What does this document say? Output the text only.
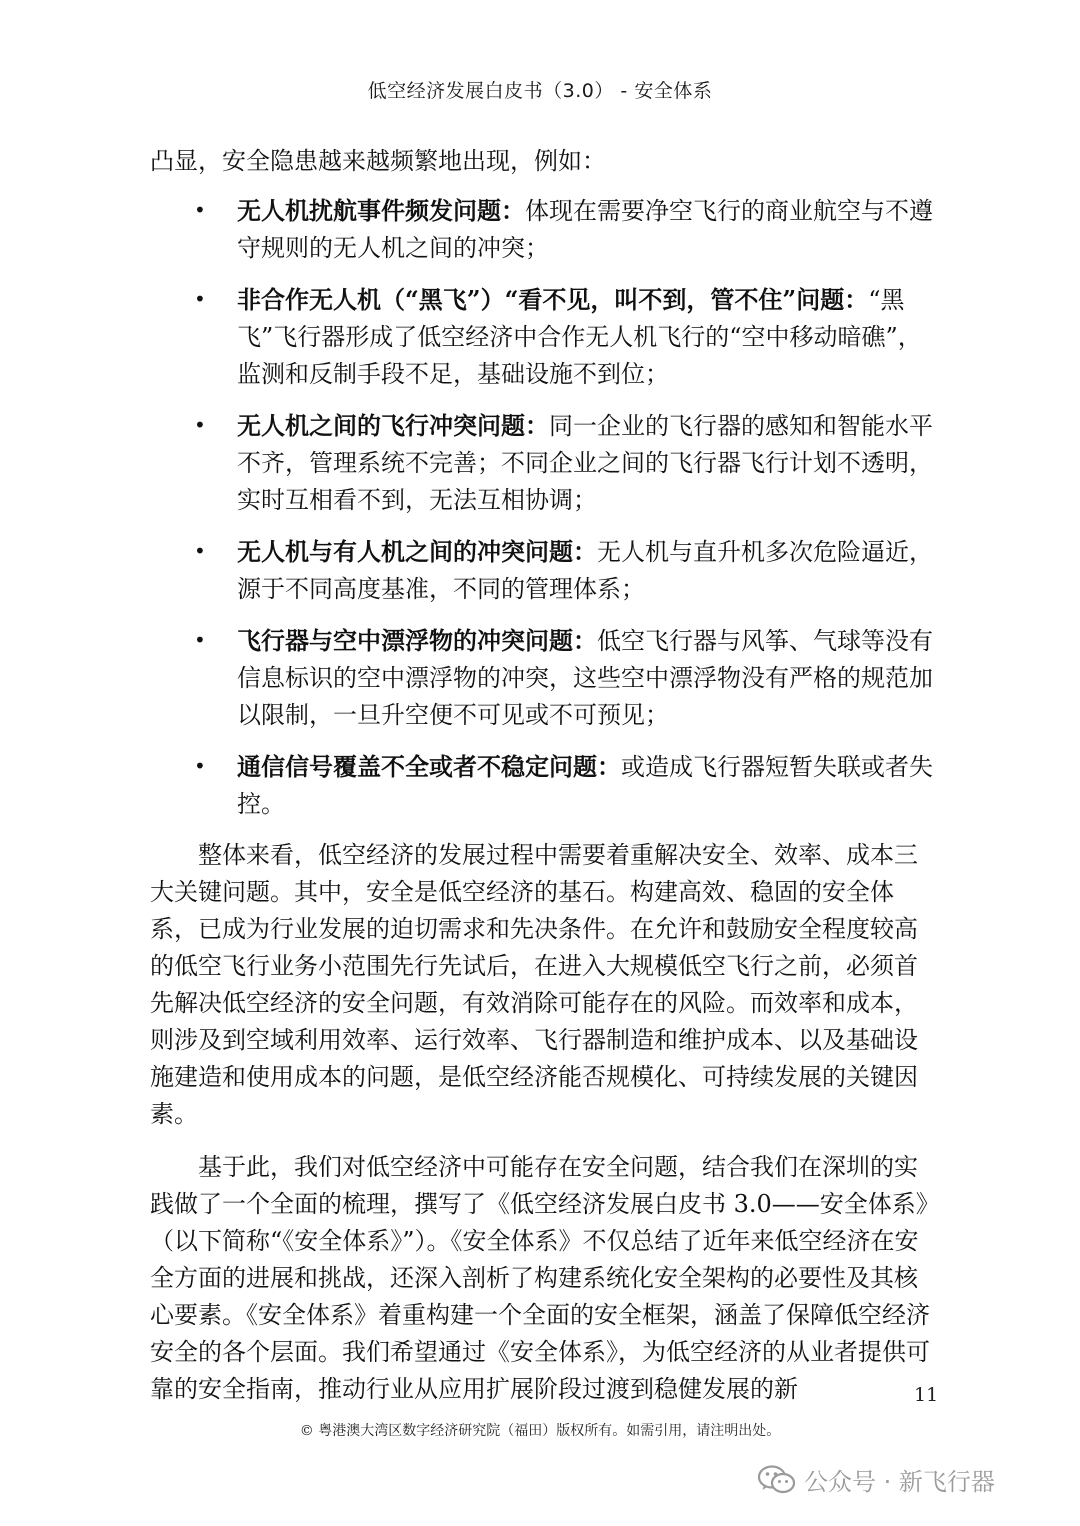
低空经济发展白皮书（3.0） - 安全体系

凸显，安全隐患越来越频繁地出现，例如：

• 无人机扰航事件频发问题：体现在需要净空飞行的商业航空与不遵守规则的无人机之间的冲突；
• 非合作无人机（“黑飞”）“看不见，叫不到，管不住”问题：“黑飞”飞行器形成了低空经济中合作无人机飞行的“空中移动暗礁”，监测和反制手段不足，基础设施不到位；
• 无人机之间的飞行冲突问题：同一企业的飞行器的感知和智能水平不齐，管理系统不完善；不同企业之间的飞行器飞行计划不透明，实时互相看不到，无法互相协调；
• 无人机与有人机之间的冲突问题：无人机与直升机多次危险逼近，源于不同高度基准，不同的管理体系；
• 飞行器与空中漂浮物的冲突问题：低空飞行器与风筝、气球等没有信息标识的空中漂浮物的冲突，这些空中漂浮物没有严格的规范加以限制，一旦升空便不可见或不可预见；
• 通信信号覆盖不全或者不稳定问题：或造成飞行器短暂失联或者失控。

整体来看，低空经济的发展过程中需要着重解决安全、效率、成本三大关键问题。其中，安全是低空经济的基石。构建高效、稳固的安全体系，已成为行业发展的迫切需求和先决条件。在允许和鼓励安全程度较高的低空飞行业务小范围先行先试后，在进入大规模低空飞行之前，必须首先解决低空经济的安全问题，有效消除可能存在的风险。而效率和成本，则涉及到空域利用效率、运行效率、飞行器制造和维护成本、以及基础设施建造和使用成本的问题，是低空经济能否规模化、可持续发展的关键因素。

基于此，我们对低空经济中可能存在安全问题，结合我们在深圳的实践做了一个全面的梳理，撰写了《低空经济发展白皮书 3.0——安全体系》（以下简称“《安全体系》”）。《安全体系》不仅总结了近年来低空经济在安全方面的进展和挑战，还深入剖析了构建系统化安全架构的必要性及其核心要素。《安全体系》着重构建一个全面的安全框架，涵盖了保障低空经济安全的各个层面。我们希望通过《安全体系》，为低空经济的从业者提供可靠的安全指南，推动行业从应用扩展阶段过渡到稳健发展的新	11
© 粤港澳大湾区数字经济研究院（福田）版权所有。如需引用，请注明出处。
公众号 · 新飞行器
